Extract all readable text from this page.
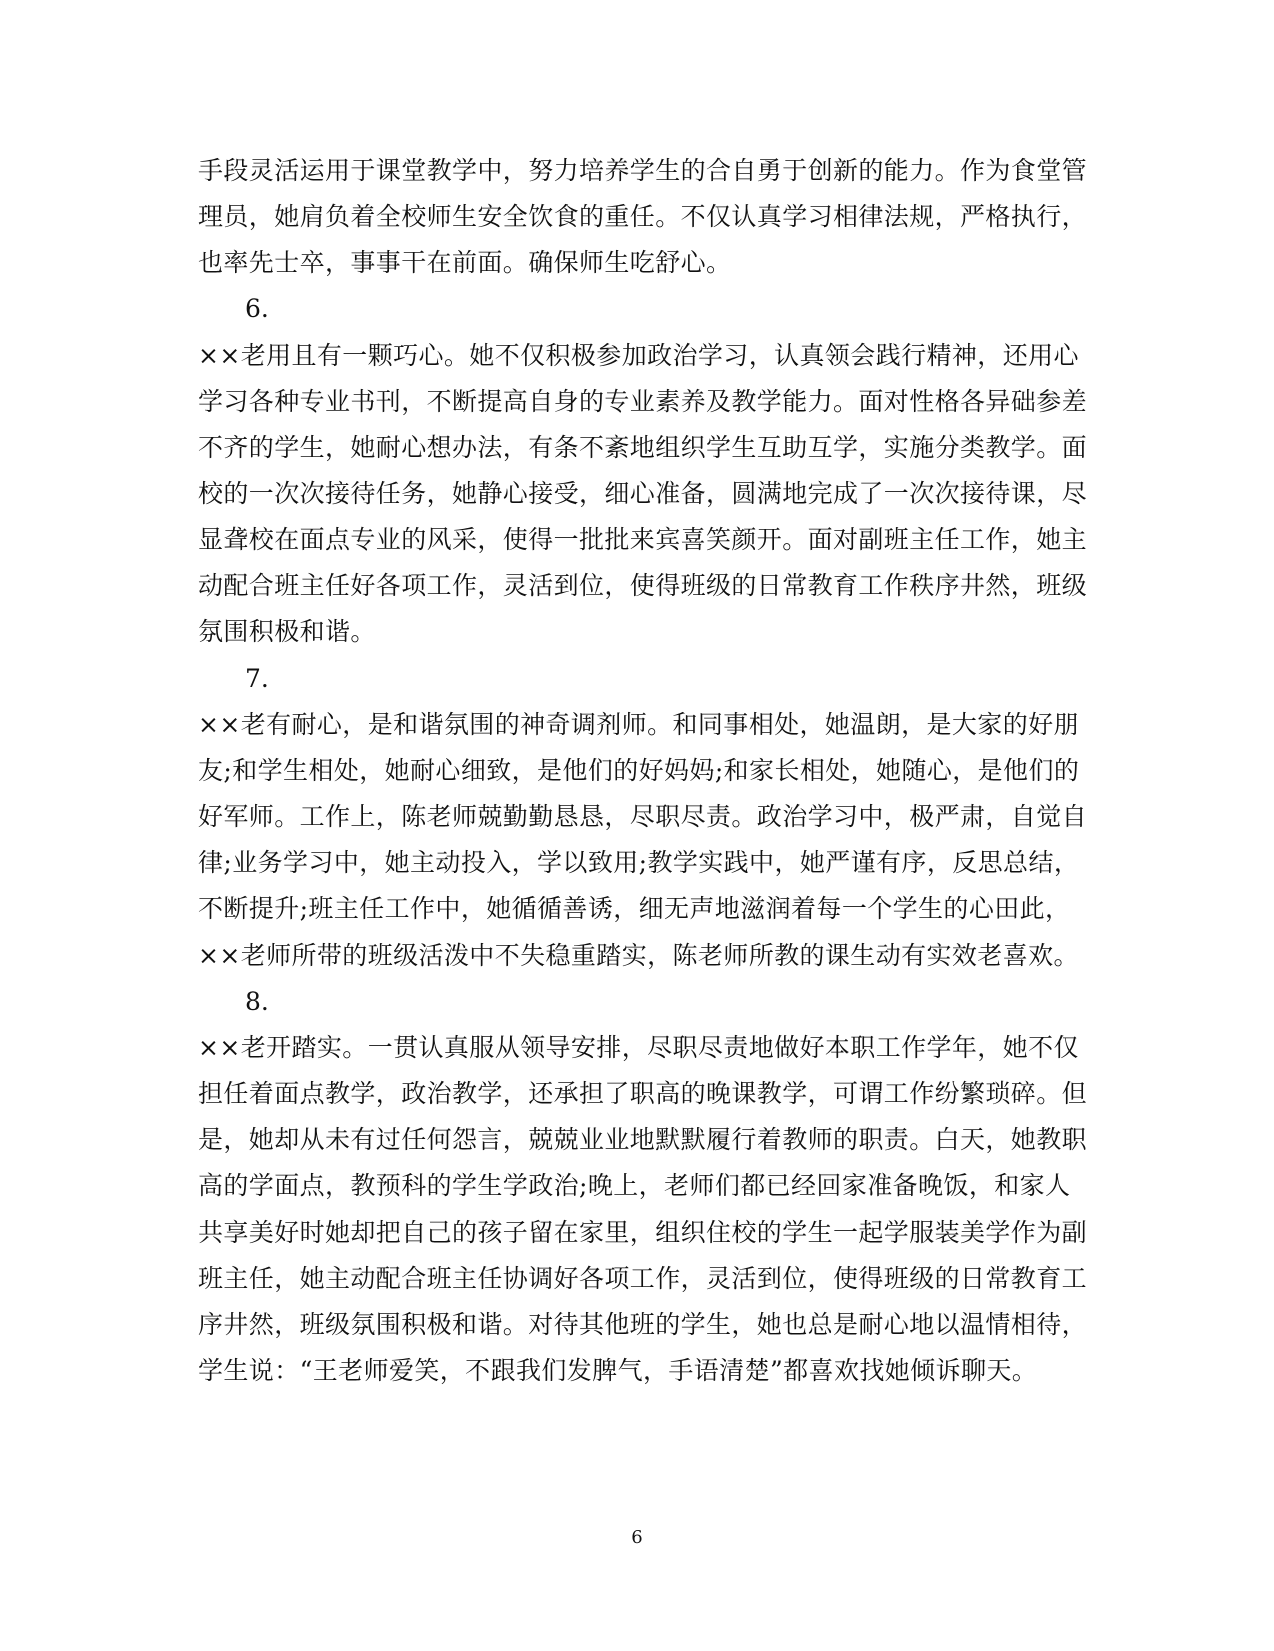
手段灵活运用于课堂教学中，努力培养学生的合自勇于创新的能力。作为食堂管
理员，她肩负着全校师生安全饮食的重任。不仅认真学习相律法规，严格执行，
也率先士卒，事事干在前面。确保师生吃舒心。
6.
××老用且有一颗巧心。她不仅积极参加政治学习，认真领会践行精神，还用心
学习各种专业书刊，不断提高自身的专业素养及教学能力。面对性格各异础参差
不齐的学生，她耐心想办法，有条不紊地组织学生互助互学，实施分类教学。面
校的一次次接待任务，她静心接受，细心准备，圆满地完成了一次次接待课，尽
显聋校在面点专业的风采，使得一批批来宾喜笑颜开。面对副班主任工作，她主
动配合班主任好各项工作，灵活到位，使得班级的日常教育工作秩序井然，班级
氛围积极和谐。
7.
××老有耐心，是和谐氛围的神奇调剂师。和同事相处，她温朗，是大家的好朋
友;和学生相处，她耐心细致，是他们的好妈妈;和家长相处，她随心，是他们的
好军师。工作上，陈老师兢勤勤恳恳，尽职尽责。政治学习中，极严肃，自觉自
律;业务学习中，她主动投入，学以致用;教学实践中，她严谨有序，反思总结，
不断提升;班主任工作中，她循循善诱，细无声地滋润着每一个学生的心田此，
××老师所带的班级活泼中不失稳重踏实，陈老师所教的课生动有实效老喜欢。
8.
××老开踏实。一贯认真服从领导安排，尽职尽责地做好本职工作学年，她不仅
担任着面点教学，政治教学，还承担了职高的晚课教学，可谓工作纷繁琐碎。但
是，她却从未有过任何怨言，兢兢业业地默默履行着教师的职责。白天，她教职
高的学面点，教预科的学生学政治;晚上，老师们都已经回家准备晚饭，和家人
共享美好时她却把自己的孩子留在家里，组织住校的学生一起学服装美学作为副
班主任，她主动配合班主任协调好各项工作，灵活到位，使得班级的日常教育工
序井然，班级氛围积极和谐。对待其他班的学生，她也总是耐心地以温情相待，
学生说：“王老师爱笑，不跟我们发脾气，手语清楚”都喜欢找她倾诉聊天。
6
